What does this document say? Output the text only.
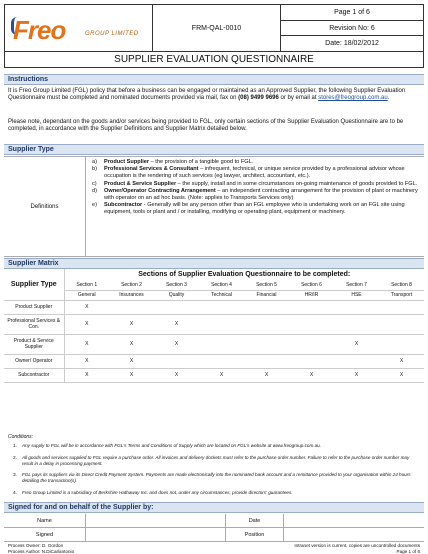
Freo	GROUP LIMITED
FRM-QAL-0010
Page 1 of 6
Revision No: 6
Date: 18/02/2012
SUPPLIER EVALUATION QUESTIONNAIRE
Instructions
It is Freo Group Limited (FGL) policy that before a business can be engaged or maintained as an Approved Supplier, the following Supplier Evaluation Questionnaire must be completed and nominated documents provided via mail, fax on (08) 9499 9696 or by email at stores@freogroup.com.au.
Please note, dependant on the goods and/or services being provided to FGL, only certain sections of the Supplier Evaluation Questionnaire are to be completed, in accordance with the Supplier Definitions and Supplier Matrix detailed below.
Supplier Type
Definitions
a)	Product Supplier – the provision of a tangible good to FGL.
b)	Professional Services & Consultant – infrequent, technical, or unique service provided by a professional advisor whose occupation is the rendering of such services (eg lawyer, architect, accountant, etc.).
c)	Product & Service Supplier – the supply, install and in some circumstances on-going maintenance of goods provided to FGL.
d)	Owner/Operator Contracting Arrangement – an independent contracting arrangement for the provision of plant or machinery with operator on an ad hoc basis. (Note: applies to Transports Services only)
e)	Subcontractor - Generally will be any person other than an FGL employee who is undertaking work on an FGL site using equipment, tools or plant and / or installing, modifying or operating plant, equipment or machinery.
Supplier Matrix
Supplier Type	Sections of Supplier Evaluation Questionnaire to be completed:							
	Section 1	Section 2	Section 3	Section 4	Section 5	Section 6	Section 7	Section 8
	General	Insurances	Quality	Technical	Financial	HR/IR	HSE	Transport
Product Supplier	X							
Professional Services & Con.	X	X	X					
Product & Service Supplier	X	X	X				X	
Owner/ Operator	X	X						X
Subcontractor	X	X	X	X	X	X	X	X
Conditions:
1.	Any supply to FGL will be in accordance with FGL's Terms and Conditions of Supply which are located on FGL's website at www.freogroup.com.au.
2.	All goods and services supplied to FGL require a purchase order. All invoices and delivery dockets must refer to the purchase order number. Failure to refer to the purchase order number may result in a delay in processing payment.
3.	FGL pays its suppliers via its Direct Credit Payment System. Payments are made electronically into the nominated bank account and a remittance provided to your organisation within 24 hours detailing the transaction(s).
4.	Freo Group Limited is a subsidiary of Berkshire Hathaway Inc. and does not, under any circumstances, provide directors' guarantees.
Signed for and on behalf of the Supplier by:
Name	Date
Signed	Position
Process Owner: D. Gordon
Process Author: N.DiCarlantonio
Intranet version is current, copies are uncontrolled documents
Page 1 of 6
